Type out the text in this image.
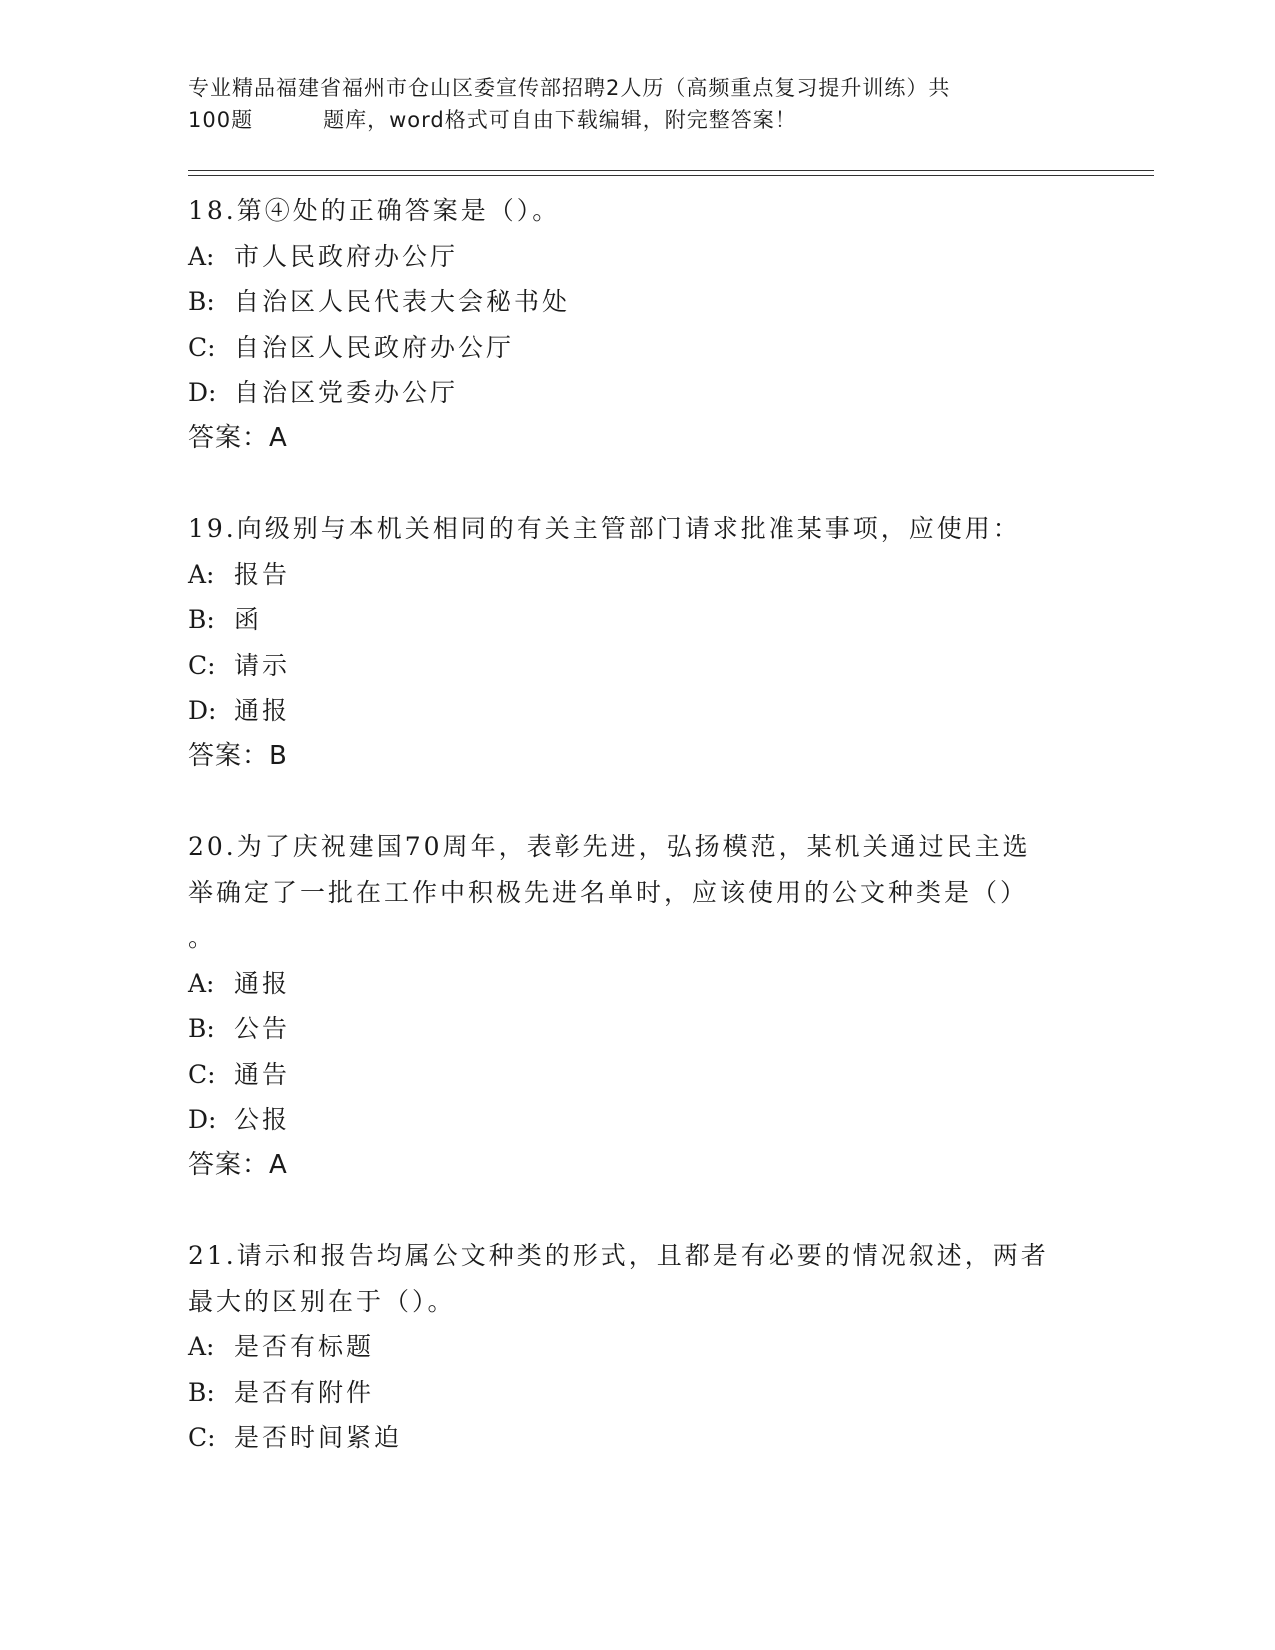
专业精品福建省福州市仓山区委宣传部招聘2人历（高频重点复习提升训练）共
100题	题库，word格式可自由下载编辑，附完整答案！
18.第④处的正确答案是（）。
A: 市人民政府办公厅
B: 自治区人民代表大会秘书处
C: 自治区人民政府办公厅
D: 自治区党委办公厅
答案：A
19.向级别与本机关相同的有关主管部门请求批准某事项，应使用：
A: 报告
B: 函
C: 请示
D: 通报
答案：B
20.为了庆祝建国70周年，表彰先进，弘扬模范，某机关通过民主选
举确定了一批在工作中积极先进名单时，应该使用的公文种类是（）
。
A: 通报
B: 公告
C: 通告
D: 公报
答案：A
21.请示和报告均属公文种类的形式，且都是有必要的情况叙述，两者
最大的区别在于（）。
A: 是否有标题
B: 是否有附件
C: 是否时间紧迫
